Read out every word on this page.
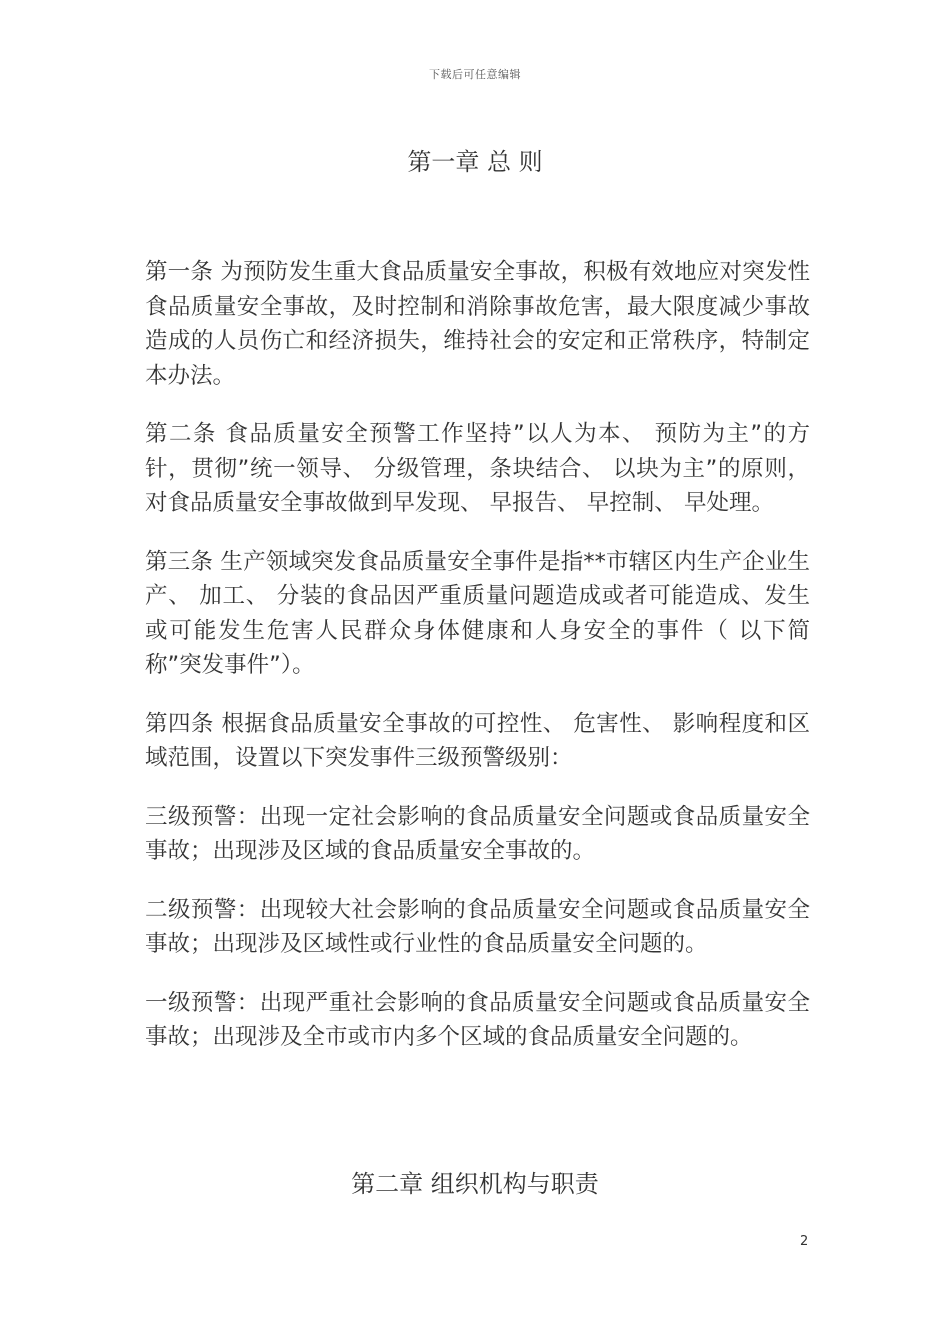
下载后可任意编辑
第一章 总 则

第一条 为预防发生重大食品质量安全事故，积极有效地应对突发性食品质量安全事故，及时控制和消除事故危害，最大限度减少事故造成的人员伤亡和经济损失，维持社会的安定和正常秩序，特制定本办法。

第二条 食品质量安全预警工作坚持”以人为本、 预防为主”的方针，贯彻”统一领导、 分级管理，条块结合、 以块为主”的原则，对食品质量安全事故做到早发现、 早报告、 早控制、 早处理。

第三条 生产领域突发食品质量安全事件是指**市辖区内生产企业生产、 加工、 分装的食品因严重质量问题造成或者可能造成、发生或可能发生危害人民群众身体健康和人身安全的事件（ 以下简称”突发事件”）。

第四条 根据食品质量安全事故的可控性、 危害性、 影响程度和区域范围，设置以下突发事件三级预警级别：

三级预警：出现一定社会影响的食品质量安全问题或食品质量安全事故；出现涉及区域的食品质量安全事故的。

二级预警：出现较大社会影响的食品质量安全问题或食品质量安全事故；出现涉及区域性或行业性的食品质量安全问题的。

一级预警：出现严重社会影响的食品质量安全问题或食品质量安全事故；出现涉及全市或市内多个区域的食品质量安全问题的。

第二章 组织机构与职责
2
